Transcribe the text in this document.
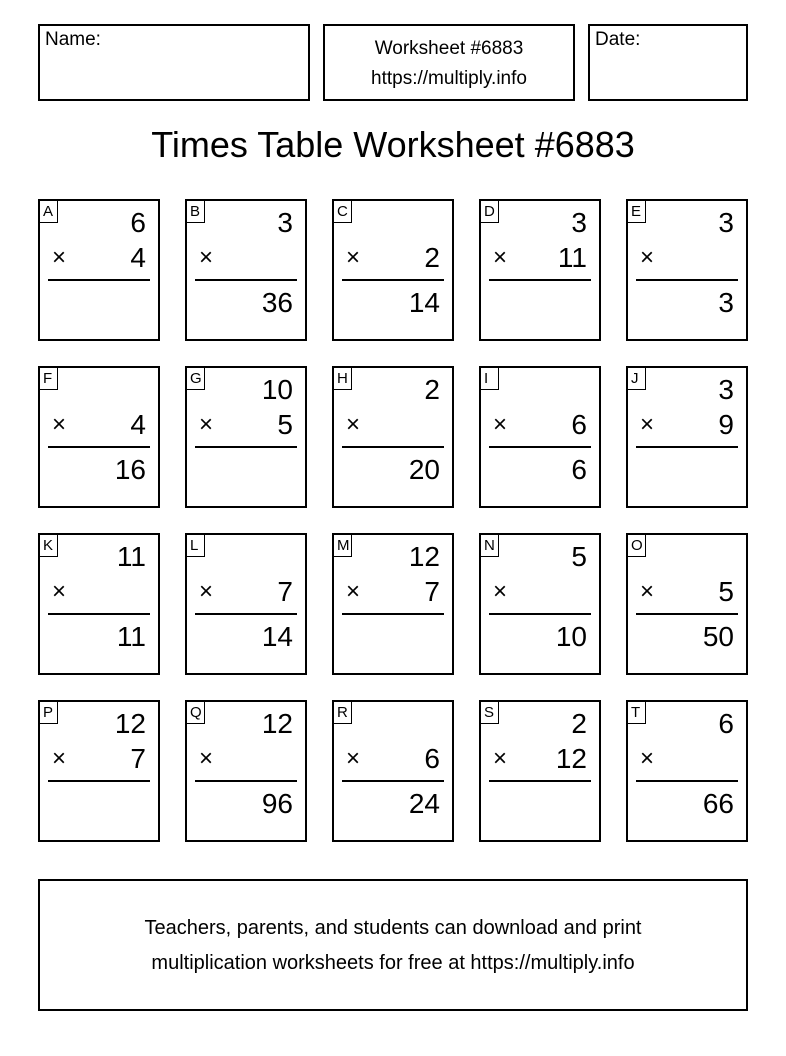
Name:	Worksheet #6883
https://multiply.info
Date:
Times Table Worksheet #6883
A	6
× 4
B	3
×
36
C
× 2
14
D	3
× 11
E	3
×
3
F
× 4
16
G 10
× 5
H	2
×
20
I
× 6
6
J	3
× 9
K 11
×
11
L
× 7
14
M 12
× 7
N	5
×
10
O
× 5
50
P 12
× 7
Q 12
×
96
R
× 6
24
S	2
× 12
T	6
×
66
Teachers, parents, and students can download and print
multiplication worksheets for free at https://multiply.info
